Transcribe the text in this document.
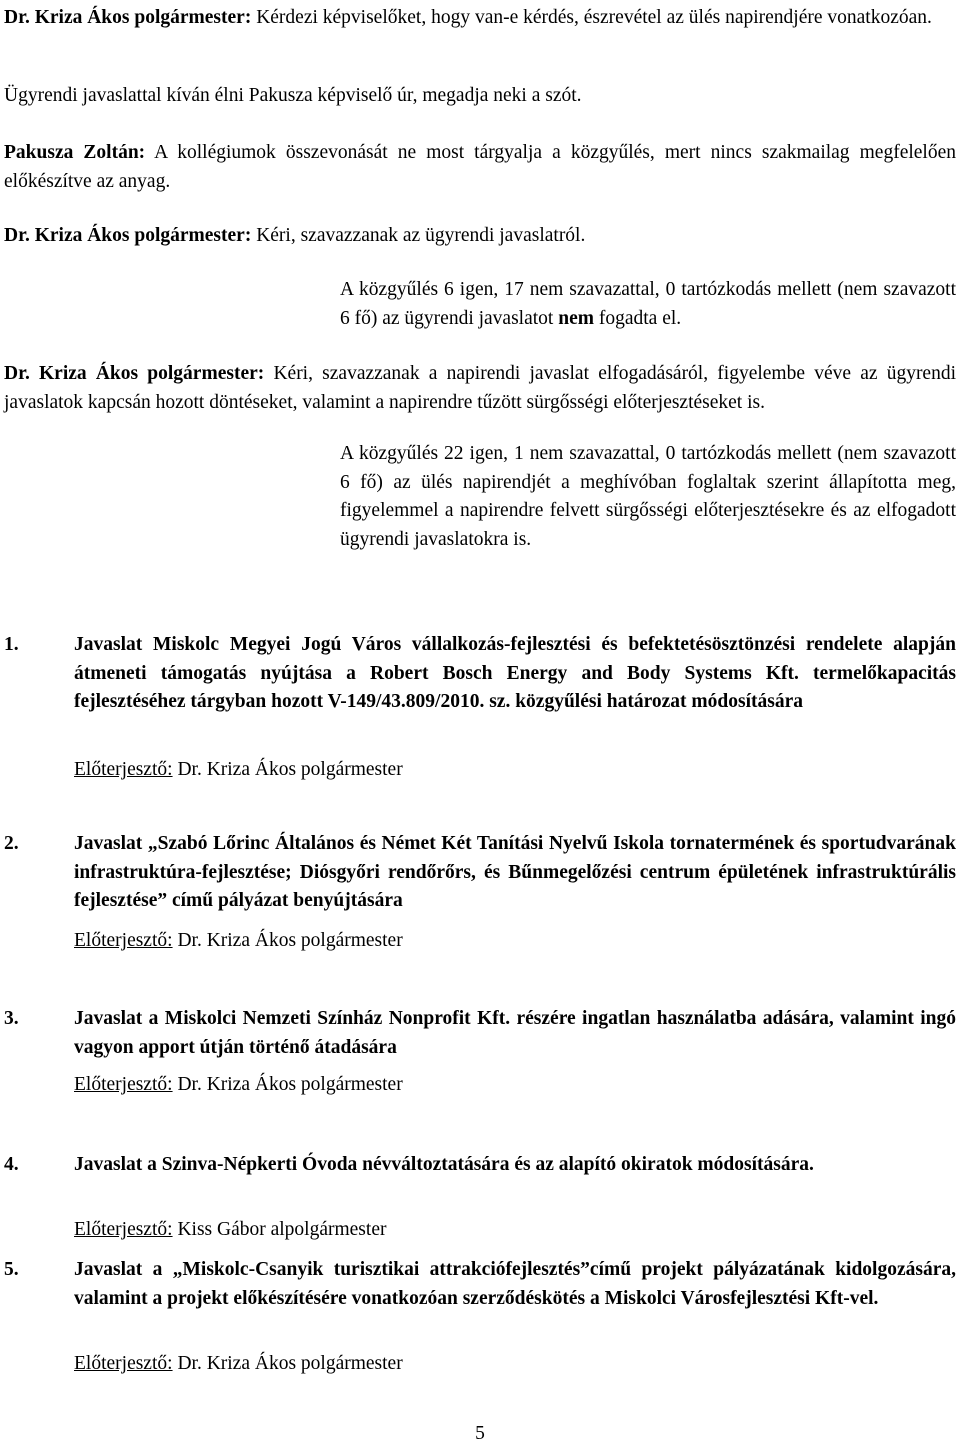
Dr. Kriza Ákos polgármester: Kérdezi képviselőket, hogy van-e kérdés, észrevétel az ülés napirendjére vonatkozóan.

Ügyrendi javaslattal kíván élni Pakusza képviselő úr, megadja neki a szót.

Pakusza Zoltán: A kollégiumok összevonását ne most tárgyalja a közgyűlés, mert nincs szakmailag megfelelően előkészítve az anyag.

Dr. Kriza Ákos polgármester: Kéri, szavazzanak az ügyrendi javaslatról.

A közgyűlés 6 igen, 17 nem szavazattal, 0 tartózkodás mellett (nem szavazott 6 fő) az ügyrendi javaslatot nem fogadta el.

Dr. Kriza Ákos polgármester: Kéri, szavazzanak a napirendi javaslat elfogadásáról, figyelembe véve az ügyrendi javaslatok kapcsán hozott döntéseket, valamint a napirendre tűzött sürgősségi előterjesztéseket is.

A közgyűlés 22 igen, 1 nem szavazattal, 0 tartózkodás mellett (nem szavazott 6 fő) az ülés napirendjét a meghívóban foglaltak szerint állapította meg, figyelemmel a napirendre felvett sürgősségi előterjesztésekre és az elfogadott ügyrendi javaslatokra is.

1.	Javaslat Miskolc Megyei Jogú Város vállalkozás-fejlesztési és befektetésösztönzési rendelete alapján átmeneti támogatás nyújtása a Robert Bosch Energy and Body Systems Kft. termelőkapacitás fejlesztéséhez tárgyban hozott V-149/43.809/2010. sz. közgyűlési határozat módosítására

Előterjesztő: Dr. Kriza Ákos polgármester
2.	Javaslat „Szabó Lőrinc Általános és Német Két Tanítási Nyelvű Iskola tornatermének és sportudvarának infrastruktúra-fejlesztése; Diósgyőri rendőrőrs, és Bűnmegelőzési centrum épületének infrastruktúrális fejlesztése” című pályázat benyújtására

Előterjesztő: Dr. Kriza Ákos polgármester
3.	Javaslat a Miskolci Nemzeti Színház Nonprofit Kft. részére ingatlan használatba adására, valamint ingó vagyon apport útján történő átadására

Előterjesztő: Dr. Kriza Ákos polgármester
4.	Javaslat a Szinva-Népkerti Óvoda névváltoztatására és az alapító okiratok módosítására.

Előterjesztő: Kiss Gábor alpolgármester
5.	Javaslat a „Miskolc-Csanyik turisztikai attrakciófejlesztés”című projekt pályázatának kidolgozására, valamint a projekt előkészítésére vonatkozóan szerződéskötés a Miskolci Városfejlesztési Kft-vel.

Előterjesztő: Dr. Kriza Ákos polgármester
5
